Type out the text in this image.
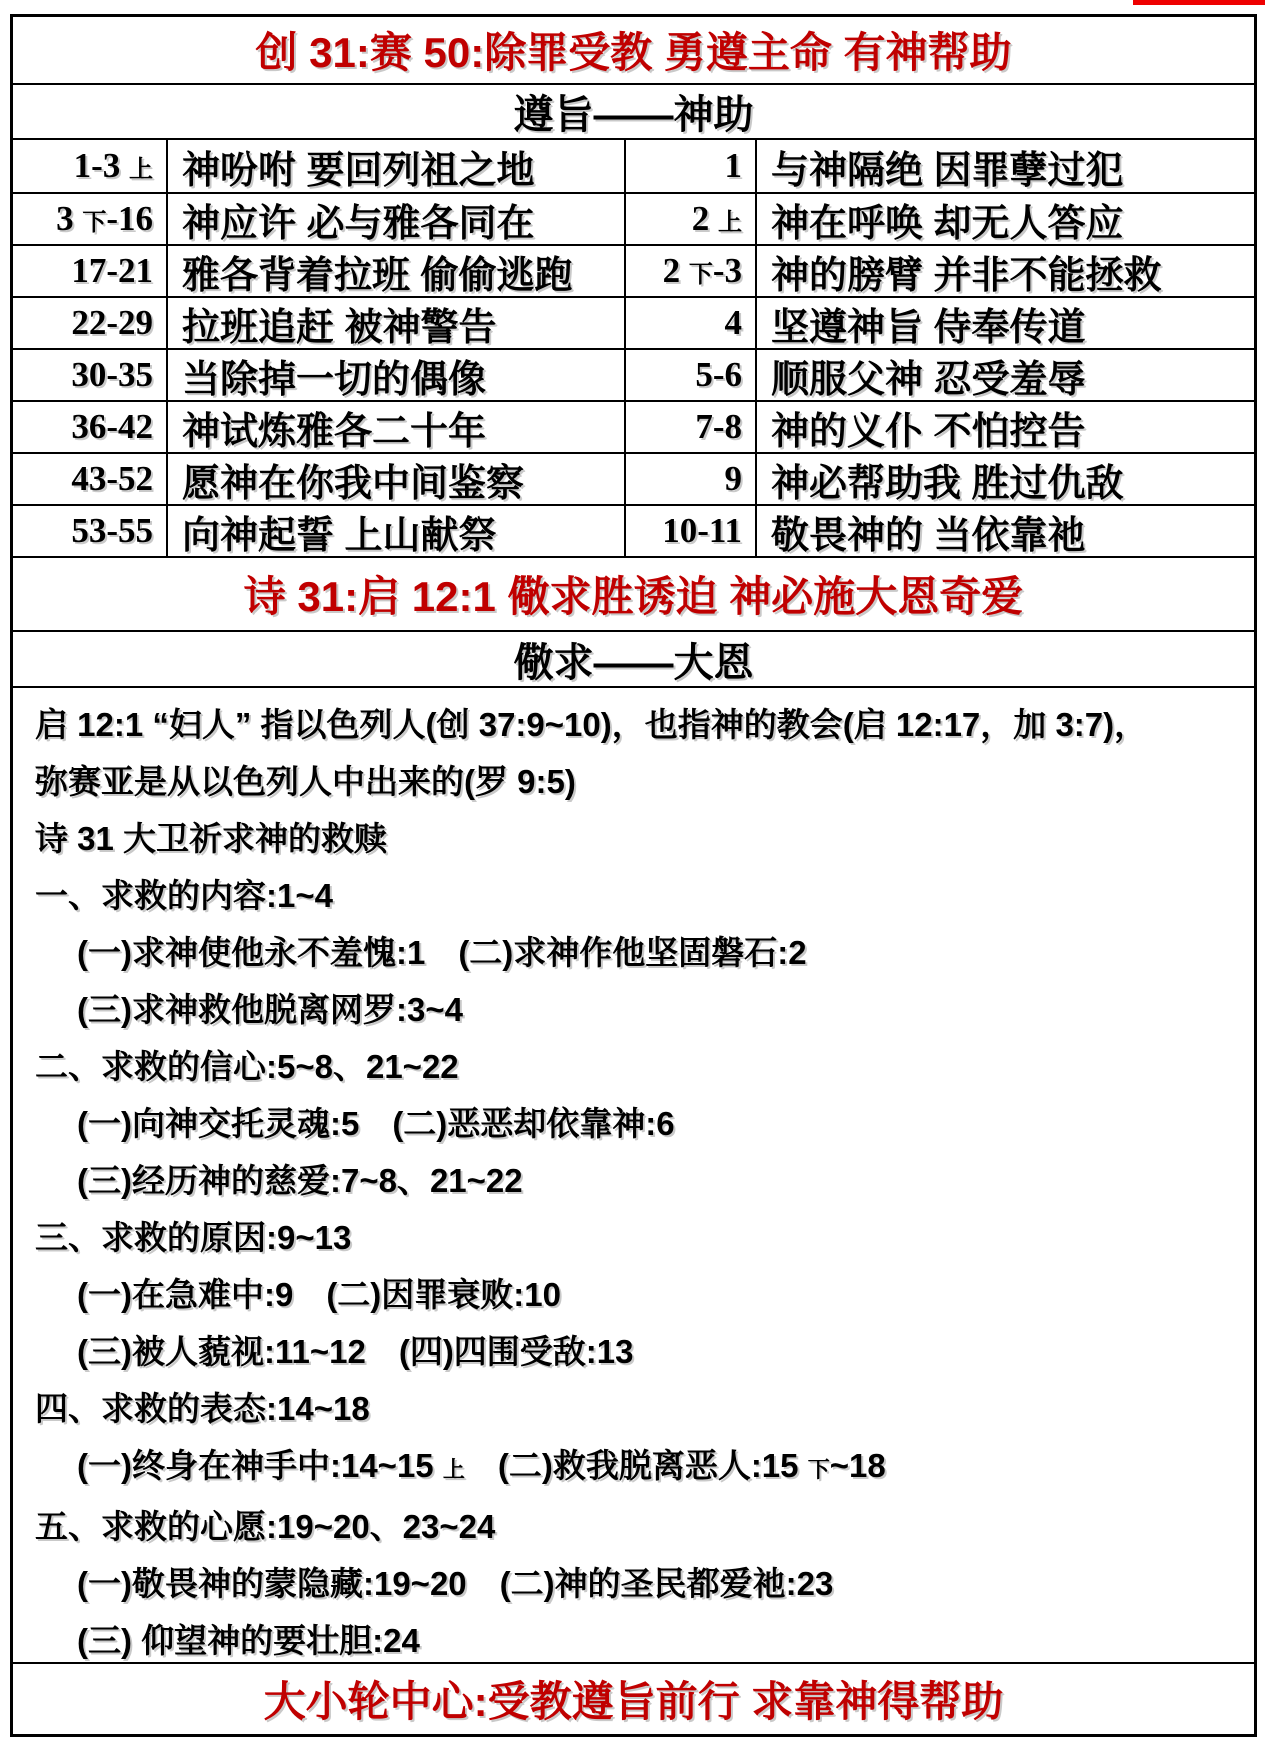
创 31:赛 50:除罪受教 勇遵主命 有神帮助
遵旨——神助
1-3 上 神吩咐 要回列祖之地	1 与神隔绝 因罪孽过犯
3 下 -16 神应许 必与雅各同在	2 上 神在呼唤 却无人答应
17-21 雅各背着拉班 偷偷逃跑	2 下 -3 神的膀臂 并非不能拯救
22-29 拉班追赶 被神警告	4 坚遵神旨 侍奉传道
30-35 当除掉一切的偶像	5-6 顺服父神 忍受羞辱
36-42 神试炼雅各二十年	7-8 神的义仆 不怕控告
43-52 愿神在你我中间鉴察	9 神必帮助我 胜过仇敌
53-55 向神起誓 上山献祭	10-11 敬畏神的 当依靠祂
诗 31:启 12:1 儆求胜诱迫 神必施大恩奇爱
儆求——大恩
启 12:1 “妇人” 指以色列人(创 37:9~10)，也指神的教会(启 12:17，加 3:7)，
弥赛亚是从以色列人中出来的(罗 9:5)
诗 31 大卫祈求神的救赎
一、求救的内容:1~4
(一)求神使他永不羞愧:1　(二)求神作他坚固磐石:2
(三)求神救他脱离网罗:3~4
二、求救的信心:5~8、21~22
(一)向神交托灵魂:5　(二)恶恶却依靠神:6
(三)经历神的慈爱:7~8、21~22
三、求救的原因:9~13
(一)在急难中:9　(二)因罪衰败:10
(三)被人藐视:11~12　(四)四围受敌:13
四、求救的表态:14~18
(一)终身在神手中:14~15 上　(二)救我脱离恶人:15 下~18
五、求救的心愿:19~20、23~24
(一)敬畏神的蒙隐藏:19~20　(二)神的圣民都爱祂:23
(三) 仰望神的要壮胆:24
大小轮中心:受教遵旨前行 求靠神得帮助
